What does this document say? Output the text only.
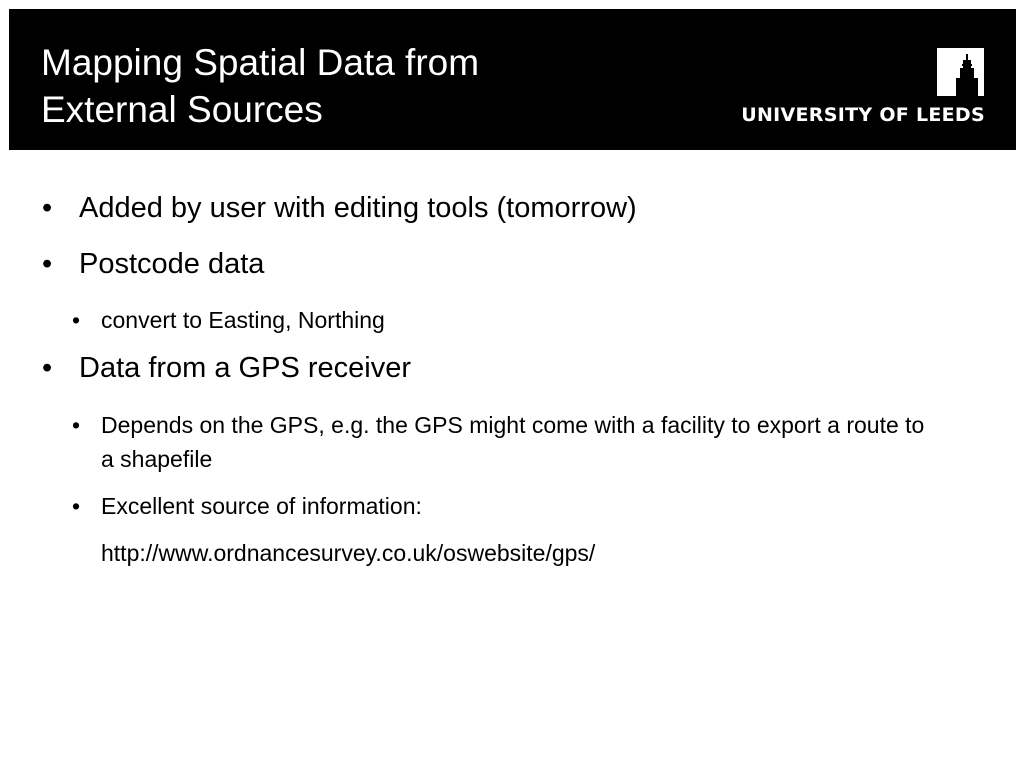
Mapping Spatial Data from
External Sources	UNIVERSITY OF LEEDS
• Added by user with editing tools (tomorrow)
• Postcode data
• convert to Easting, Northing
• Data from a GPS receiver
• Depends on the GPS, e.g. the GPS might come with a facility to export a route to a shapefile
• Excellent source of information:
http://www.ordnancesurvey.co.uk/oswebsite/gps/
